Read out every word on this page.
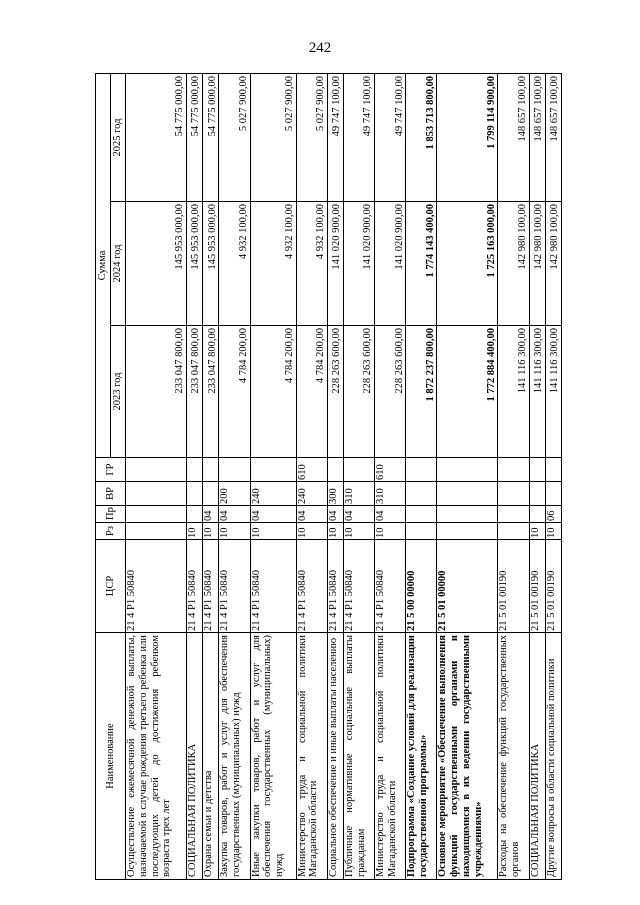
242
Наименование	ЦСР	Рз	Пр	ВР	ГР	Сумма		
						2023 год	2024 год	2025 год
Осуществление ежемесячной денежной выплаты, назначаемой в случае рождения третьего ребенка или последующих детей до достижения ребенком возраста трех лет	21 4 P1 50840					233 047 800,00	145 953 000,00	54 775 000,00
СОЦИАЛЬНАЯ ПОЛИТИКА	21 4 P1 50840	10				233 047 800,00	145 953 000,00	54 775 000,00
Охрана семьи и детства	21 4 P1 50840	10	04			233 047 800,00	145 953 000,00	54 775 000,00
Закупка товаров, работ и услуг для обеспечения государственных (муниципальных) нужд	21 4 P1 50840	10	04	200		4 784 200,00	4 932 100,00	5 027 900,00
Иные закупки товаров, работ и услуг для обеспечения государственных (муниципальных) нужд	21 4 P1 50840	10	04	240		4 784 200,00	4 932 100,00	5 027 900,00
Министерство труда и социальной политики Магаданской области	21 4 P1 50840	10	04	240	610	4 784 200,00	4 932 100,00	5 027 900,00
Социальное обеспечение и иные выплаты населению	21 4 P1 50840	10	04	300		228 263 600,00	141 020 900,00	49 747 100,00
Публичные нормативные социальные выплаты гражданам	21 4 P1 50840	10	04	310		228 263 600,00	141 020 900,00	49 747 100,00
Министерство труда и социальной политики Магаданской области	21 4 P1 50840	10	04	310	610	228 263 600,00	141 020 900,00	49 747 100,00
Подпрограмма «Создание условий для реализации государственной программы»	21 5 00 00000					1 872 237 800,00	1 774 143 400,00	1 853 713 800,00
Основное мероприятие «Обеспечение выполнения функций государственными органами и находящимися в их ведении государственными учреждениями»	21 5 01 00000					1 772 884 400,00	1 725 163 000,00	1 799 114 900,00
Расходы на обеспечение функций государственных органов	21 5 01 00190					141 116 300,00	142 980 100,00	148 657 100,00
СОЦИАЛЬНАЯ ПОЛИТИКА	21 5 01 00190	10				141 116 300,00	142 980 100,00	148 657 100,00
Другие вопросы в области социальной политики	21 5 01 00190	10	06			141 116 300,00	142 980 100,00	148 657 100,00
